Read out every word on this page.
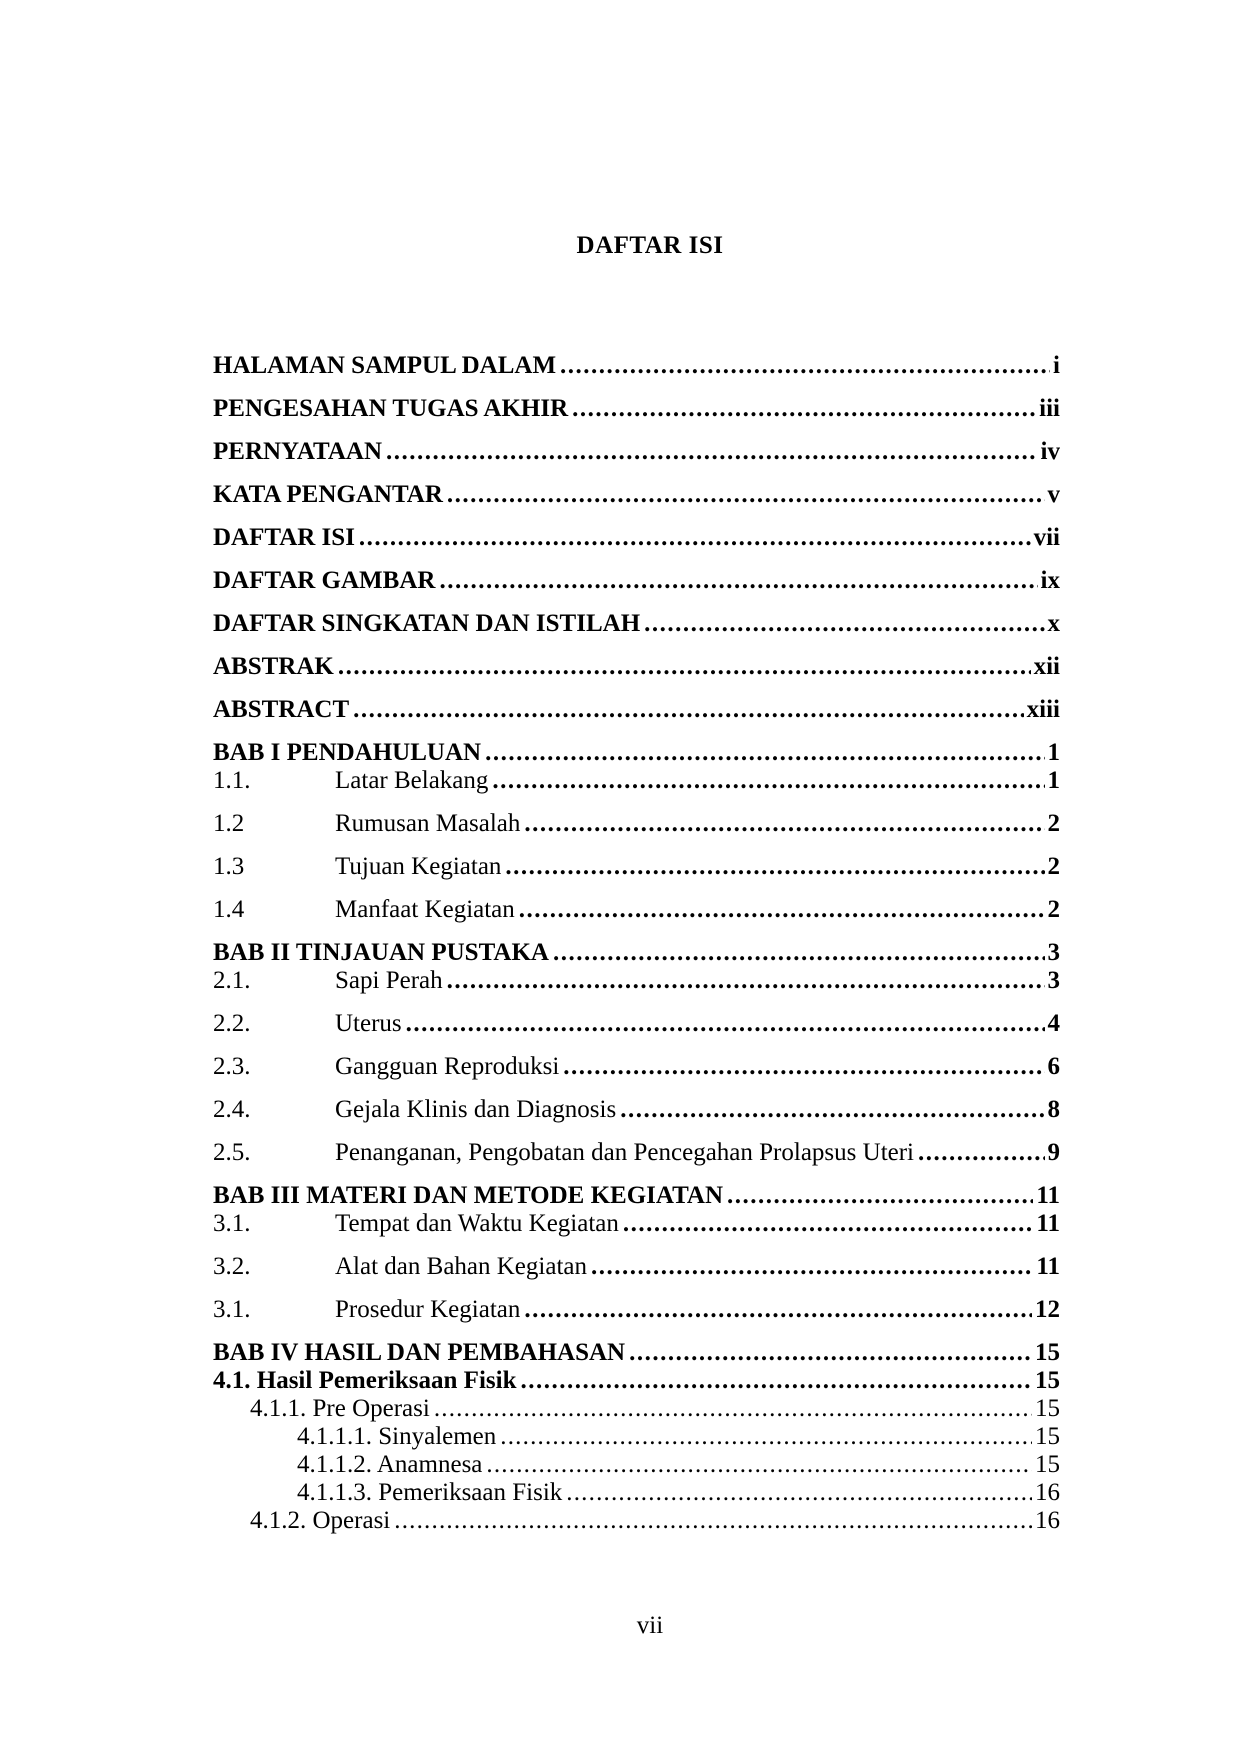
DAFTAR ISI
HALAMAN SAMPUL DALAM .....	i
PENGESAHAN TUGAS AKHIR .....	iii
PERNYATAAN .....	iv
KATA PENGANTAR .....	v
DAFTAR ISI .....	vii
DAFTAR GAMBAR .....	ix
DAFTAR SINGKATAN DAN ISTILAH .....	x
ABSTRAK .....	xii
ABSTRACT .....	xiii
BAB I PENDAHULUAN .....	1
1.1.	Latar Belakang .....	1
1.2	Rumusan Masalah .....	2
1.3	Tujuan Kegiatan .....	2
1.4	Manfaat Kegiatan .....	2
BAB II TINJAUAN PUSTAKA .....	3
2.1.	Sapi Perah .....	3
2.2.	Uterus .....	4
2.3.	Gangguan Reproduksi .....	6
2.4.	Gejala Klinis dan Diagnosis .....	8
2.5.	Penanganan, Pengobatan dan Pencegahan Prolapsus Uteri .....	9
BAB III MATERI DAN METODE KEGIATAN .....	11
3.1.	Tempat dan Waktu Kegiatan .....	11
3.2.	Alat dan Bahan Kegiatan .....	11
3.1.	Prosedur Kegiatan .....	12
BAB IV HASIL DAN PEMBAHASAN .....	15
4.1. Hasil Pemeriksaan Fisik .....	15
4.1.1. Pre Operasi .....	15
4.1.1.1. Sinyalemen .....	15
4.1.1.2. Anamnesa .....	15
4.1.1.3. Pemeriksaan Fisik .....	16
4.1.2. Operasi .....	16
vii
